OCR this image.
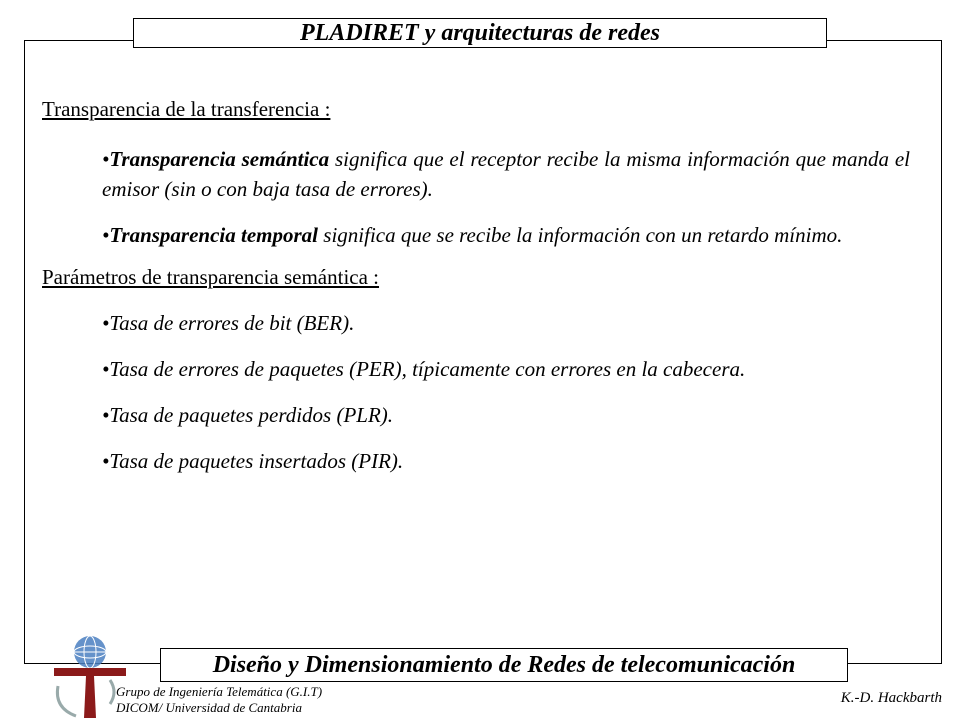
PLADIRET y arquitecturas de redes

Transparencia de la transferencia :

•Transparencia semántica significa que el receptor recibe la misma información que manda el emisor (sin o con baja tasa de errores).

•Transparencia temporal significa que se recibe la información con un retardo mínimo.

Parámetros de transparencia semántica :

•Tasa de errores de bit (BER).

•Tasa de errores de paquetes (PER), típicamente con errores en la cabecera.

•Tasa de paquetes perdidos (PLR).

•Tasa de paquetes insertados (PIR).

Diseño y Dimensionamiento de Redes de telecomunicación
Grupo de Ingeniería Telemática (G.I.T)
DICOM/ Universidad de Cantabria
K.-D. Hackbarth
